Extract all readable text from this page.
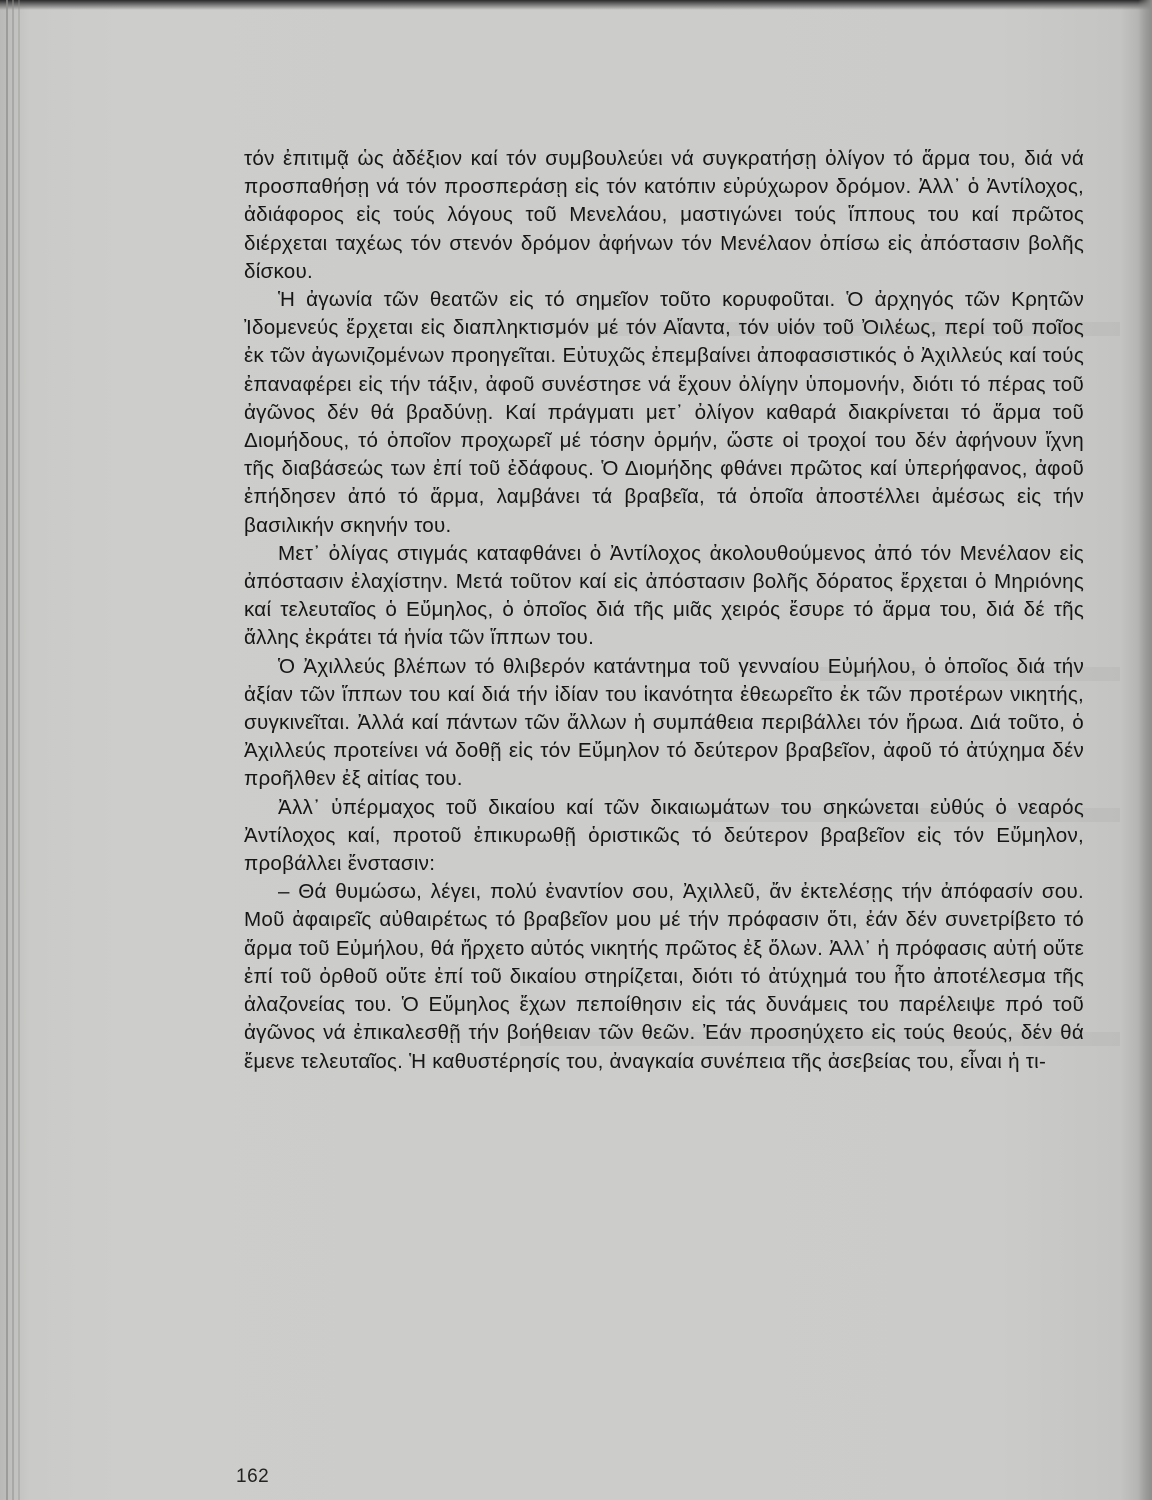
τόν ἐπιτιμᾷ ὡς ἀδέξιον καί τόν συμβουλεύει νά συγκρατήσῃ ὀλίγον τό ἅρμα του, διά νά προσπαθήσῃ νά τόν προσπεράσῃ εἰς τόν κατόπιν εὐρύχωρον δρόμον. Ἀλλ᾽ ὁ Ἀντίλοχος, ἀδιάφορος εἰς τούς λόγους τοῦ Μενελάου, μαστιγώνει τούς ἵππους του καί πρῶτος διέρχεται ταχέως τόν στενόν δρόμον ἀφήνων τόν Μενέλαον ὀπίσω εἰς ἀπόστασιν βολῆς δίσκου.

Ἡ ἀγωνία τῶν θεατῶν εἰς τό σημεῖον τοῦτο κορυφοῦται. Ὁ ἀρχηγός τῶν Κρητῶν Ἰδομενεύς ἔρχεται εἰς διαπληκτισμόν μέ τόν Αἴαντα, τόν υἱόν τοῦ Ὀιλέως, περί τοῦ ποῖος ἐκ τῶν ἀγωνιζομένων προηγεῖται. Εὐτυχῶς ἐπεμβαίνει ἀποφασιστικός ὁ Ἀχιλλεύς καί τούς ἐπαναφέρει εἰς τήν τάξιν, ἀφοῦ συνέστησε νά ἔχουν ὀλίγην ὑπομονήν, διότι τό πέρας τοῦ ἀγῶνος δέν θά βραδύνῃ. Καί πράγματι μετ᾽ ὀλίγον καθαρά διακρίνεται τό ἅρμα τοῦ Διομήδους, τό ὁποῖον προχωρεῖ μέ τόσην ὁρμήν, ὥστε οἱ τροχοί του δέν ἀφήνουν ἴχνη τῆς διαβάσεώς των ἐπί τοῦ ἐδάφους. Ὁ Διομήδης φθάνει πρῶτος καί ὑπερήφανος, ἀφοῦ ἐπήδησεν ἀπό τό ἅρμα, λαμβάνει τά βραβεῖα, τά ὁποῖα ἀποστέλλει ἀμέσως εἰς τήν βασιλικήν σκηνήν του.

Μετ᾽ ὀλίγας στιγμάς καταφθάνει ὁ Ἀντίλοχος ἀκολουθούμενος ἀπό τόν Μενέλαον εἰς ἀπόστασιν ἐλαχίστην. Μετά τοῦτον καί εἰς ἀπόστασιν βολῆς δόρατος ἔρχεται ὁ Μηριόνης καί τελευταῖος ὁ Εὔμηλος, ὁ ὁποῖος διά τῆς μιᾶς χειρός ἔσυρε τό ἅρμα του, διά δέ τῆς ἄλλης ἐκράτει τά ἡνία τῶν ἵππων του.

Ὁ Ἀχιλλεύς βλέπων τό θλιβερόν κατάντημα τοῦ γενναίου Εὐμήλου, ὁ ὁποῖος διά τήν ἀξίαν τῶν ἵππων του καί διά τήν ἰδίαν του ἱκανότητα ἐθεωρεῖτο ἐκ τῶν προτέρων νικητής, συγκινεῖται. Ἀλλά καί πάντων τῶν ἄλλων ἡ συμπάθεια περιβάλλει τόν ἥρωα. Διά τοῦτο, ὁ Ἀχιλλεύς προτείνει νά δοθῇ εἰς τόν Εὔμηλον τό δεύτερον βραβεῖον, ἀφοῦ τό ἀτύχημα δέν προῆλθεν ἐξ αἰτίας του.

Ἀλλ᾽ ὑπέρμαχος τοῦ δικαίου καί τῶν δικαιωμάτων του σηκώνεται εὐθύς ὁ νεαρός Ἀντίλοχος καί, προτοῦ ἐπικυρωθῇ ὁριστικῶς τό δεύτερον βραβεῖον εἰς τόν Εὔμηλον, προβάλλει ἔνστασιν:

– Θά θυμώσω, λέγει, πολύ ἐναντίον σου, Ἀχιλλεῦ, ἄν ἐκτελέσῃς τήν ἀπόφασίν σου. Μοῦ ἀφαιρεῖς αὐθαιρέτως τό βραβεῖον μου μέ τήν πρόφασιν ὅτι, ἐάν δέν συνετρίβετο τό ἅρμα τοῦ Εὐμήλου, θά ἤρχετο αὐτός νικητής πρῶτος ἐξ ὅλων. Ἀλλ᾽ ἡ πρόφασις αὐτή οὔτε ἐπί τοῦ ὀρθοῦ οὔτε ἐπί τοῦ δικαίου στηρίζεται, διότι τό ἀτύχημά του ἦτο ἀποτέλεσμα τῆς ἀλαζονείας του. Ὁ Εὔμηλος ἔχων πεποίθησιν εἰς τάς δυνάμεις του παρέλειψε πρό τοῦ ἀγῶνος νά ἐπικαλεσθῇ τήν βοήθειαν τῶν θεῶν. Ἐάν προσηύχετο εἰς τούς θεούς, δέν θά ἔμενε τελευταῖος. Ἡ καθυστέρησίς του, ἀναγκαία συνέπεια τῆς ἀσεβείας του, εἶναι ἡ τι-

162
